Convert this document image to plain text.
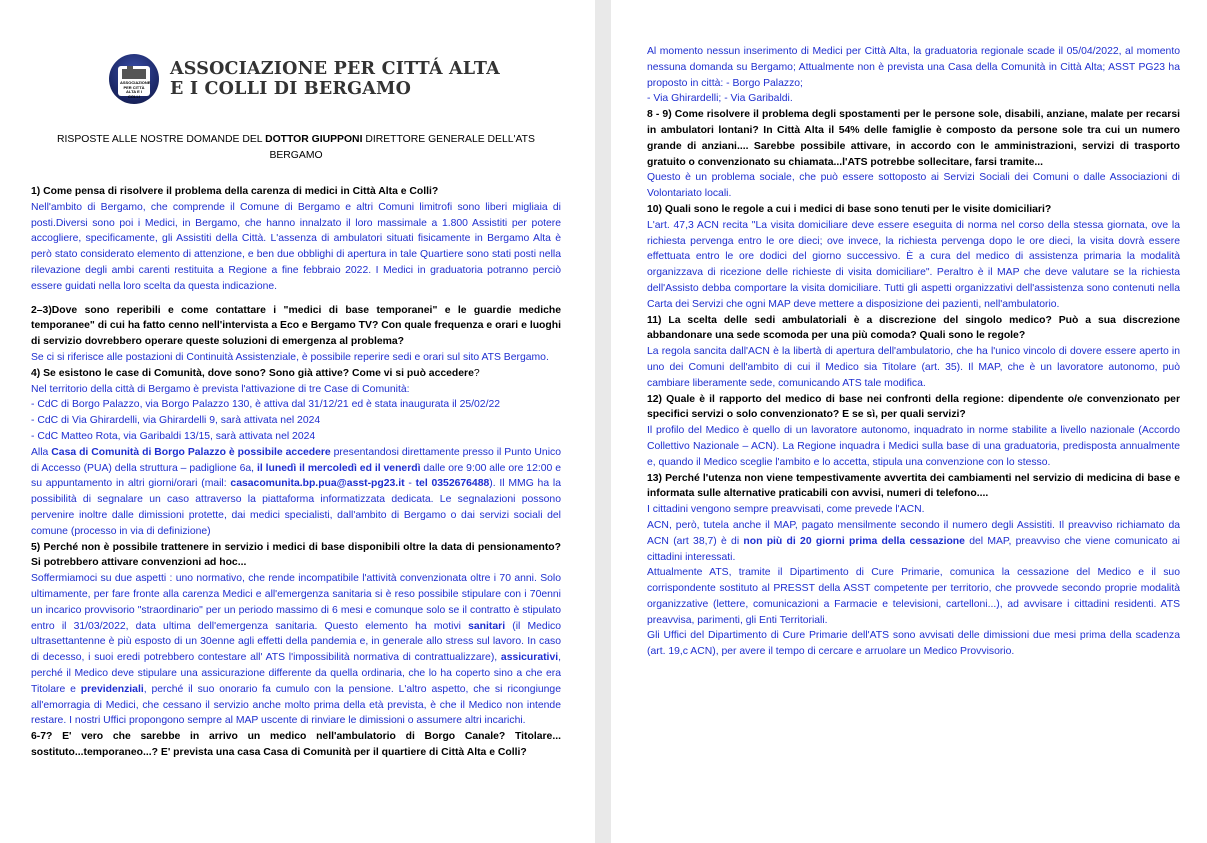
ASSOCIAZIONE PER CITTÀ ALTA E I COLLI
ASSOCIAZIONE PER CITTÁ ALTA
E I COLLI DI BERGAMO
RISPOSTE ALLE NOSTRE DOMANDE DEL DOTTOR GIUPPONI DIRETTORE GENERALE DELL'ATS BERGAMO
1) Come pensa di risolvere il problema della carenza di medici in Città Alta e Colli?
Nell'ambito di Bergamo, che comprende il Comune di Bergamo e altri Comuni limitrofi sono liberi migliaia di posti.Diversi sono poi i Medici, in Bergamo, che hanno innalzato il loro massimale a 1.800 Assistiti per potere accogliere, specificamente, gli Assistiti della Città. L'assenza di ambulatori situati fisicamente in Bergamo Alta è però stato considerato elemento di attenzione, e ben due obblighi di apertura in tale Quartiere sono stati posti nella rilevazione degli ambi carenti restituita a Regione a fine febbraio 2022. I Medici in graduatoria potranno perciò essere guidati nella loro scelta da questa indicazione.
2–3)Dove sono reperibili e come contattare i "medici di base temporanei" e le guardie mediche temporanee" di cui ha fatto cenno nell'intervista a Eco e Bergamo TV? Con quale frequenza e orari e luoghi di servizio dovrebbero operare queste soluzioni di emergenza al problema?
Se ci si riferisce alle postazioni di Continuità Assistenziale, è possibile reperire sedi e orari sul sito ATS Bergamo.
4) Se esistono le case di Comunità, dove sono? Sono già attive? Come vi si può accedere?
Nel territorio della città di Bergamo è prevista l'attivazione di tre Case di Comunità:
- CdC di Borgo Palazzo, via Borgo Palazzo 130, è attiva dal 31/12/21 ed è stata inaugurata il 25/02/22
- CdC di Via Ghirardelli, via Ghirardelli 9, sarà attivata nel 2024
- CdC Matteo Rota, via Garibaldi 13/15, sarà attivata nel 2024
Alla Casa di Comunità di Borgo Palazzo è possibile accedere presentandosi direttamente presso il Punto Unico di Accesso (PUA) della struttura – padiglione 6a, il lunedì il mercoledì ed il venerdì dalle ore 9:00 alle ore 12:00 e su appuntamento in altri giorni/orari (mail: casacomunita.bp.pua@asst-pg23.it - tel 0352676488). Il MMG ha la possibilità di segnalare un caso attraverso la piattaforma informatizzata dedicata. Le segnalazioni possono pervenire inoltre dalle dimissioni protette, dai medici specialisti, dall'ambito di Bergamo o dai servizi sociali del comune (processo in via di definizione)
5) Perché non è possibile trattenere in servizio i medici di base disponibili oltre la data di pensionamento? Si potrebbero attivare convenzioni ad hoc...
Soffermiamoci su due aspetti : uno normativo, che rende incompatibile l'attività convenzionata oltre i 70 anni. Solo ultimamente, per fare fronte alla carenza Medici e all'emergenza sanitaria si è reso possibile stipulare con i 70enni un incarico provvisorio "straordinario" per un periodo massimo di 6 mesi e comunque solo se il contratto è stipulato entro il 31/03/2022, data ultima dell'emergenza sanitaria. Questo elemento ha motivi sanitari (il Medico ultrasettantenne è più esposto di un 30enne agli effetti della pandemia e, in generale allo stress sul lavoro. In caso di decesso, i suoi eredi potrebbero contestare all' ATS l'impossibilità normativa di contrattualizzare), assicurativi, perché il Medico deve stipulare una assicurazione differente da quella ordinaria, che lo ha coperto sino a che era Titolare e previdenziali, perché il suo onorario fa cumulo con la pensione. L'altro aspetto, che si ricongiunge all'emorragia di Medici, che cessano il servizio anche molto prima della età prevista, è che il Medico non intende restare. I nostri Uffici propongono sempre al MAP uscente di rinviare le dimissioni o assumere altri incarichi.
6-7? E' vero che sarebbe in arrivo un medico nell'ambulatorio di Borgo Canale? Titolare... sostituto...temporaneo...? E' prevista una casa Casa di Comunità per il quartiere di Città Alta e Colli?
Al momento nessun inserimento di Medici per Città Alta, la graduatoria regionale scade il 05/04/2022, al momento nessuna domanda su Bergamo; Attualmente non è prevista una Casa della Comunità in Città Alta; ASST PG23 ha proposto in città: - Borgo Palazzo;
- Via Ghirardelli; - Via Garibaldi.
8 - 9) Come risolvere il problema degli spostamenti per le persone sole, disabili, anziane, malate per recarsi in ambulatori lontani? In Città Alta il 54% delle famiglie è composto da persone sole tra cui un numero grande di anziani.... Sarebbe possibile attivare, in accordo con le amministrazioni, servizi di trasporto gratuito o convenzionato su chiamata...l'ATS potrebbe sollecitare, farsi tramite...
Questo è un problema sociale, che può essere sottoposto ai Servizi Sociali dei Comuni o dalle Associazioni di Volontariato locali.
10) Quali sono le regole a cui i medici di base sono tenuti per le visite domiciliari?
L'art. 47,3 ACN recita "La visita domiciliare deve essere eseguita di norma nel corso della stessa giornata, ove la richiesta pervenga entro le ore dieci; ove invece, la richiesta pervenga dopo le ore dieci, la visita dovrà essere effettuata entro le ore dodici del giorno successivo. È a cura del medico di assistenza primaria la modalità organizzava di ricezione delle richieste di visita domiciliare". Peraltro è il MAP che deve valutare se la richiesta dell'Assisto debba comportare la visita domiciliare. Tutti gli aspetti organizzativi dell'assistenza sono contenuti nella Carta dei Servizi che ogni MAP deve mettere a disposizione dei pazienti, nell'ambulatorio.
11) La scelta delle sedi ambulatoriali è a discrezione del singolo medico? Può a sua discrezione abbandonare una sede scomoda per una più comoda? Quali sono le regole?
La regola sancita dall'ACN è la libertà di apertura dell'ambulatorio, che ha l'unico vincolo di dovere essere aperto in uno dei Comuni dell'ambito di cui il Medico sia Titolare (art. 35). Il MAP, che è un lavoratore autonomo, può cambiare liberamente sede, comunicando ATS tale modifica.
12) Quale è il rapporto del medico di base nei confronti della regione: dipendente o/e convenzionato per specifici servizi o solo convenzionato? E se sì, per quali servizi?
Il profilo del Medico è quello di un lavoratore autonomo, inquadrato in norme stabilite a livello nazionale (Accordo Collettivo Nazionale – ACN). La Regione inquadra i Medici sulla base di una graduatoria, predisposta annualmente e, quando il Medico sceglie l'ambito e lo accetta, stipula una convenzione con lo stesso.
13) Perché l'utenza non viene tempestivamente avvertita dei cambiamenti nel servizio di medicina di base e informata sulle alternative praticabili con avvisi, numeri di telefono....
I cittadini vengono sempre preavvisati, come prevede l'ACN.
ACN, però, tutela anche il MAP, pagato mensilmente secondo il numero degli Assistiti. Il preavviso richiamato da ACN (art 38,7) è di non più di 20 giorni prima della cessazione del MAP, preavviso che viene comunicato ai cittadini interessati.
Attualmente ATS, tramite il Dipartimento di Cure Primarie, comunica la cessazione del Medico e il suo corrispondente sostituto al PRESST della ASST competente per territorio, che provvede secondo proprie modalità organizzative (lettere, comunicazioni a Farmacie e televisioni, cartelloni...), ad avvisare i cittadini residenti. ATS preavvisa, parimenti, gli Enti Territoriali.
Gli Uffici del Dipartimento di Cure Primarie dell'ATS sono avvisati delle dimissioni due mesi prima della scadenza (art. 19,c ACN), per avere il tempo di cercare e arruolare un Medico Provvisorio.
